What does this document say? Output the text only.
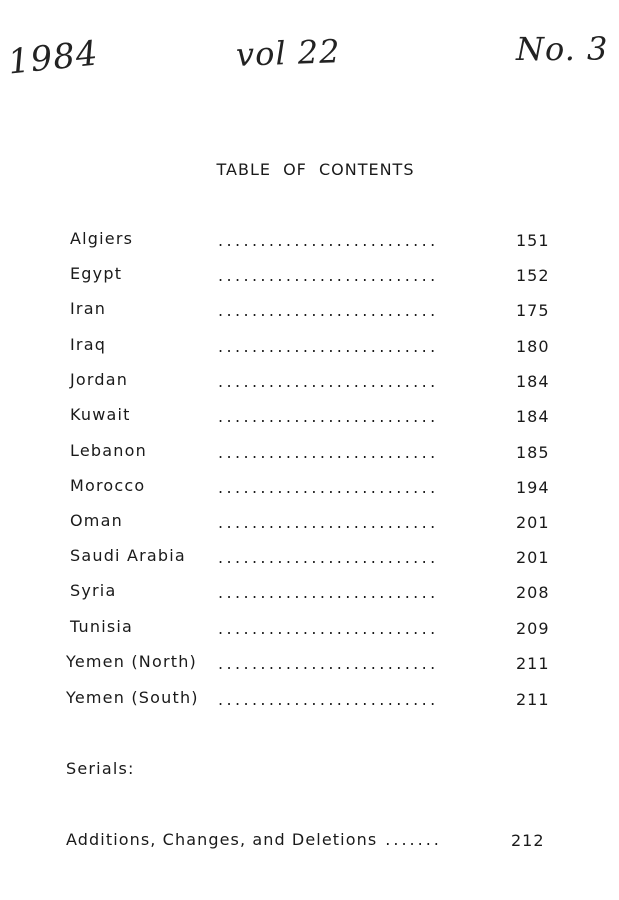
1984	vol 22	No. 3
TABLE OF CONTENTS
Algiers	..........................	151
Egypt	..........................	152
Iran	..........................	175
Iraq	..........................	180
Jordan	..........................	184
Kuwait	..........................	184
Lebanon	..........................	185
Morocco	..........................	194
Oman	..........................	201
Saudi Arabia ..........................	201
Syria	..........................	208
Tunisia	..........................	209
Yemen (North) ..........................	211
Yemen (South) ..........................	211
Serials:
Additions, Changes, and Deletions .......	212
